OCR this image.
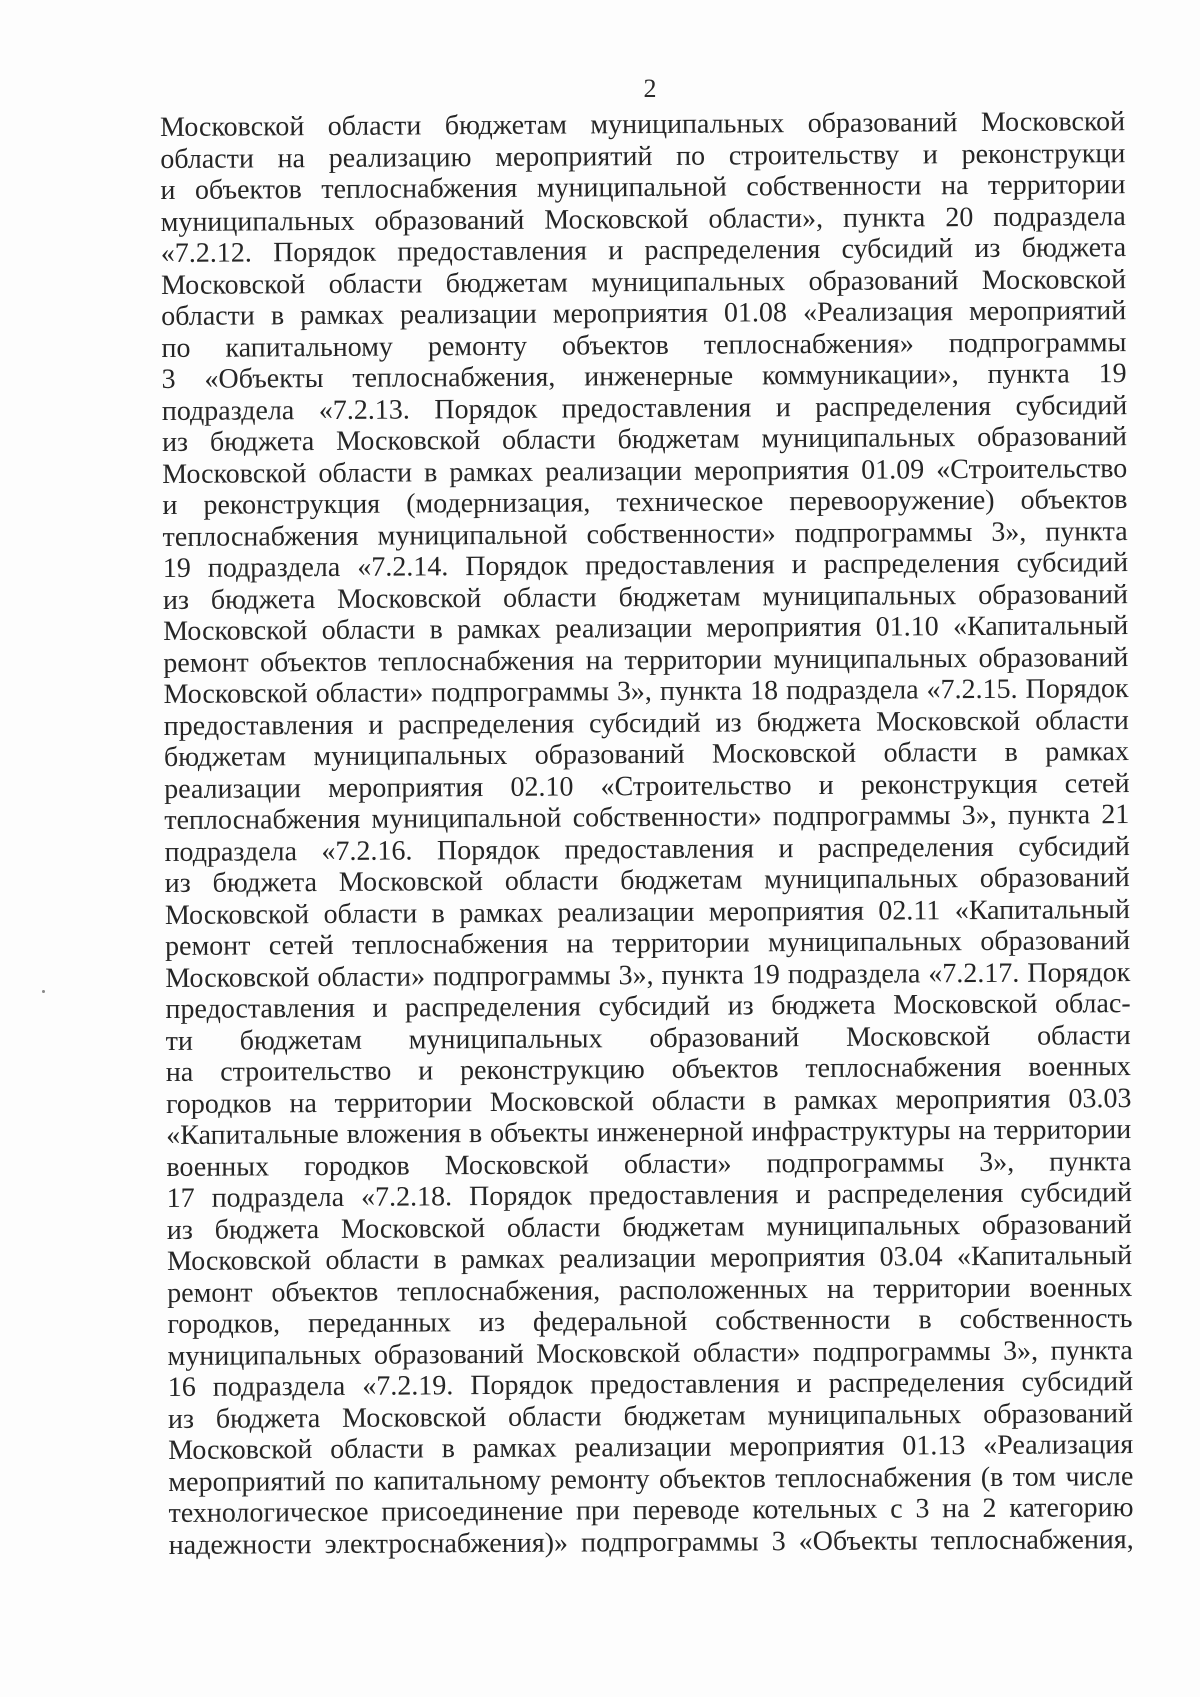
2
Московской области бюджетам муниципальных образований Московской
области на реализацию мероприятий по строительству и реконструкци
и объектов теплоснабжения муниципальной собственности на территории
муниципальных образований Московской области», пункта 20 подраздела
«7.2.12. Порядок предоставления и распределения субсидий из бюджета
Московской области бюджетам муниципальных образований Московской
области в рамках реализации мероприятия 01.08 «Реализация мероприятий
по капитальному ремонту объектов теплоснабжения» подпрограммы
3 «Объекты теплоснабжения, инженерные коммуникации», пункта 19
подраздела «7.2.13. Порядок предоставления и распределения субсидий
из бюджета Московской области бюджетам муниципальных образований
Московской области в рамках реализации мероприятия 01.09 «Строительство
и реконструкция (модернизация, техническое перевооружение) объектов
теплоснабжения муниципальной собственности» подпрограммы 3», пункта
19 подраздела «7.2.14. Порядок предоставления и распределения субсидий
из бюджета Московской области бюджетам муниципальных образований
Московской области в рамках реализации мероприятия 01.10 «Капитальный
ремонт объектов теплоснабжения на территории муниципальных образований
Московской области» подпрограммы 3», пункта 18 подраздела «7.2.15. Порядок
предоставления и распределения субсидий из бюджета Московской области
бюджетам муниципальных образований Московской области в рамках
реализации мероприятия 02.10 «Строительство и реконструкция сетей
теплоснабжения муниципальной собственности» подпрограммы 3», пункта 21
подраздела «7.2.16. Порядок предоставления и распределения субсидий
из бюджета Московской области бюджетам муниципальных образований
Московской области в рамках реализации мероприятия 02.11 «Капитальный
ремонт сетей теплоснабжения на территории муниципальных образований
Московской области» подпрограммы 3», пункта 19 подраздела «7.2.17. Порядок
предоставления и распределения субсидий из бюджета Московской облас-
ти бюджетам муниципальных образований Московской области
на строительство и реконструкцию объектов теплоснабжения военных
городков на территории Московской области в рамках мероприятия 03.03
«Капитальные вложения в объекты инженерной инфраструктуры на территории
военных городков Московской области» подпрограммы 3», пункта
17 подраздела «7.2.18. Порядок предоставления и распределения субсидий
из бюджета Московской области бюджетам муниципальных образований
Московской области в рамках реализации мероприятия 03.04 «Капитальный
ремонт объектов теплоснабжения, расположенных на территории военных
городков, переданных из федеральной собственности в собственность
муниципальных образований Московской области» подпрограммы 3», пункта
16 подраздела «7.2.19. Порядок предоставления и распределения субсидий
из бюджета Московской области бюджетам муниципальных образований
Московской области в рамках реализации мероприятия 01.13 «Реализация
мероприятий по капитальному ремонту объектов теплоснабжения (в том числе
технологическое присоединение при переводе котельных с 3 на 2 категорию
надежности электроснабжения)» подпрограммы 3 «Объекты теплоснабжения,
